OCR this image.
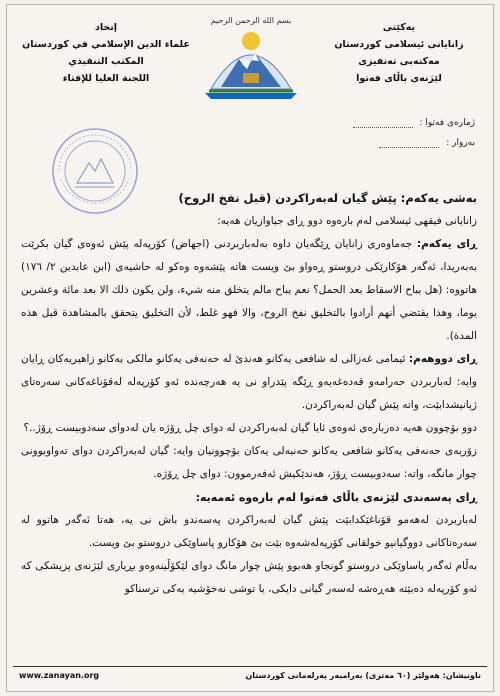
یەکێتی
زانایانی ئیسلامی کوردستان
مەکتەبی تەنفیزی
لێژنەی باڵای فەتوا
بسم الله الرحمن الرحيم
إتحاد
علماء الدين الإسلامي في كوردستان
المكتب التنفيذي
اللجنة العليا للإفتاء
ژمارەی فەتوا :
بەروار :

بەشی یەکەم: پێش گیان لەبەراکردن (قبل نفخ الروح)

زانایانی فیقهی ئیسلامی لەم بارەوە دوو ڕای جیاوازیان هەیە:

ڕای یەکەم: جەماوەری زانایان ڕێگەیان داوە بەلەباربردنی (اجهاض) کۆرپەلە پێش ئەوەی گیان بکرێت بەبەریدا، ئەگەر هۆکارێکی دروستو ڕەواو بێ ویست هاتە پێشەوە وەکو لە حاشیەی (ابن عابدين ٢/ ١٧٦) هاتووە: (هل يباح الاسقاط بعد الحمل؟ نعم يباح مالم يتخلق منه شيء، ولن يكون ذلك الا بعد مائة وعشرين يوما، وهذا يقتضي أنهم أرادوا بالتخليق نفخ الروح، والا فهو غلط، لأن التخليق يتحقق بالمشاهدة قبل هذه المدة).

ڕای دووهەم: ئیمامی غەزالی لە شافعی یەکانو هەندێ لە حەنەفی یەکانو مالکی یەکانو زاهیریەکان ڕایان وایە: لەباربردن حەرامەو قەدەغەیەو ڕێگە پێدراو نی یە هەرچەندە ئەو کۆرپەلە لەقۆناغەکانی سەرەتای ژیانیشدابێت، واتە پێش گیان لەبەراکردن.

دوو بۆچوون هەیە دەربارەی ئەوەی ئایا گیان لەبەراکردن لە دوای چل ڕۆژە یان لەدوای سەدوبیست ڕۆژ..؟

زۆربەی حەنەفی یەکانو شافعی یەکانو حەنبەلی یەکان بۆچوونیان وایە: گیان لەبەراکردن دوای تەواوبوونی چوار مانگە، واتە: سەدوبیست ڕۆژ، هەندێکیش ئەفەرموون: دوای چل ڕۆژە.

ڕای پەسەندی لێژنەی باڵای فەتوا لەم بارەوە ئەمەیە:

لەباربردن لەهەمو قۆناغێکدابێت پێش گیان لەبەراکردن پەسەندو باش نی یە، هەتا ئەگەر هاتوو لە سەرەتاکانی دووگیانیو خولقانی کۆرپەلەشەوە بێت بێ هۆکارو پاساوێکی دروستو بێ ویست.

بەڵام ئەگەر پاساوێکی دروستو گونجاو هەبوو پێش چوار مانگ دوای لێکۆڵینەوەو بڕیاری لێژنەی پزیشکی کە ئەو کۆرپەلە دەبێتە هەڕەشە لەسەر گیانی دایکی، یا توشی نەخۆشیە یەکی ترسناکو

www.zanayan.org	ناونیشان: هەولێر (٦٠ مەتری) بەرامبەر پەرلەمانی کوردستان
